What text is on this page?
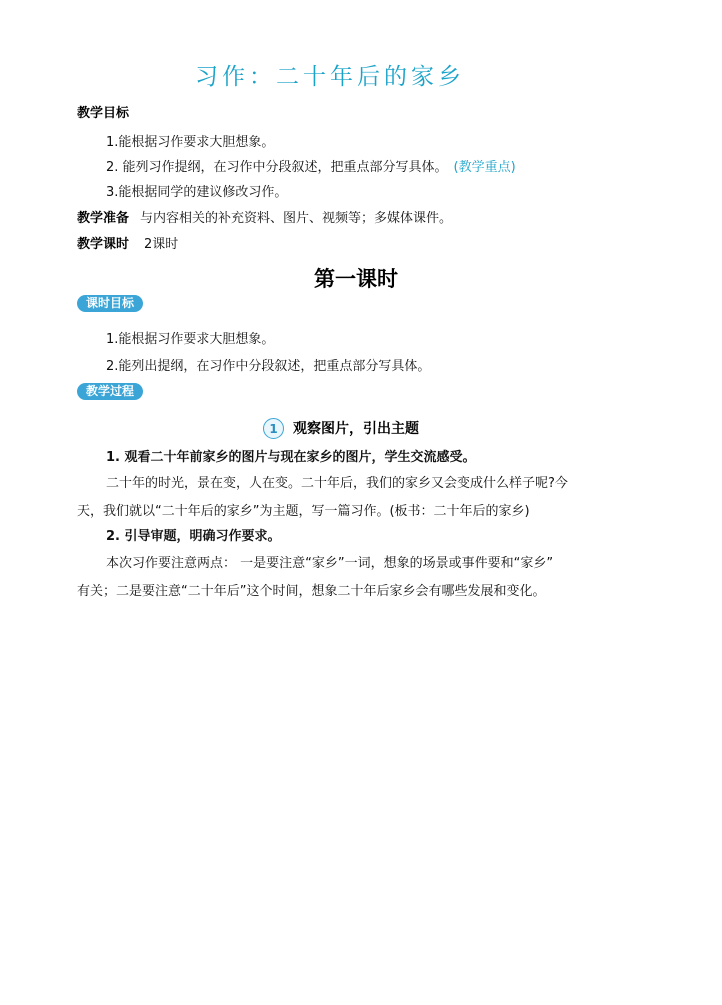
习作：二十年后的家乡
教学目标
1.能根据习作要求大胆想象。
2. 能列习作提纲，在习作中分段叙述，把重点部分写具体。 (教学重点)
3.能根据同学的建议修改习作。
教学准备 与内容相关的补充资料、图片、视频等；多媒体课件。
教学课时 2课时
第一课时
课时目标
1.能根据习作要求大胆想象。
2.能列出提纲，在习作中分段叙述，把重点部分写具体。
教学过程
1	观察图片，引出主题
1. 观看二十年前家乡的图片与现在家乡的图片，学生交流感受。
二十年的时光，景在变，人在变。二十年后，我们的家乡又会变成什么样子呢?今
天，我们就以“二十年后的家乡”为主题，写一篇习作。(板书：二十年后的家乡)
2. 引导审题，明确习作要求。
本次习作要注意两点： 一是要注意“家乡”一词，想象的场景或事件要和“家乡”
有关；二是要注意“二十年后”这个时间，想象二十年后家乡会有哪些发展和变化。
